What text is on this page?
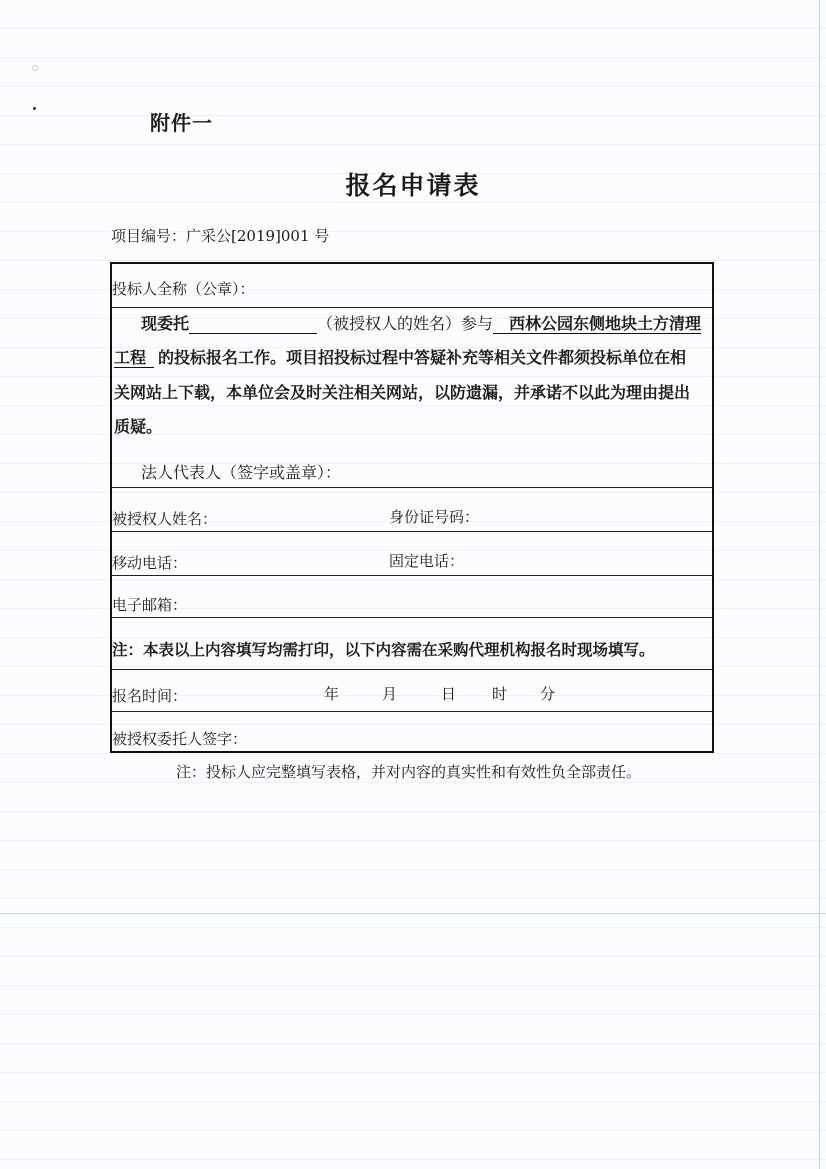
附件一
报名申请表
项目编号：广采公[2019]001 号
投标人全称（公章）：
现委托	（被授权人的姓名）参与 西林公园东侧地块土方清理
工程 的投标报名工作。项目招投标过程中答疑补充等相关文件都须投标单位在相
关网站上下载，本单位会及时关注相关网站，以防遗漏，并承诺不以此为理由提出
质疑。
法人代表人（签字或盖章）：
被授权人姓名：	身份证号码：
移动电话：	固定电话：
电子邮箱：
注：本表以上内容填写均需打印，以下内容需在采购代理机构报名时现场填写。
报名时间：	年	月	日 时 分
被授权委托人签字：
注：投标人应完整填写表格，并对内容的真实性和有效性负全部责任。
